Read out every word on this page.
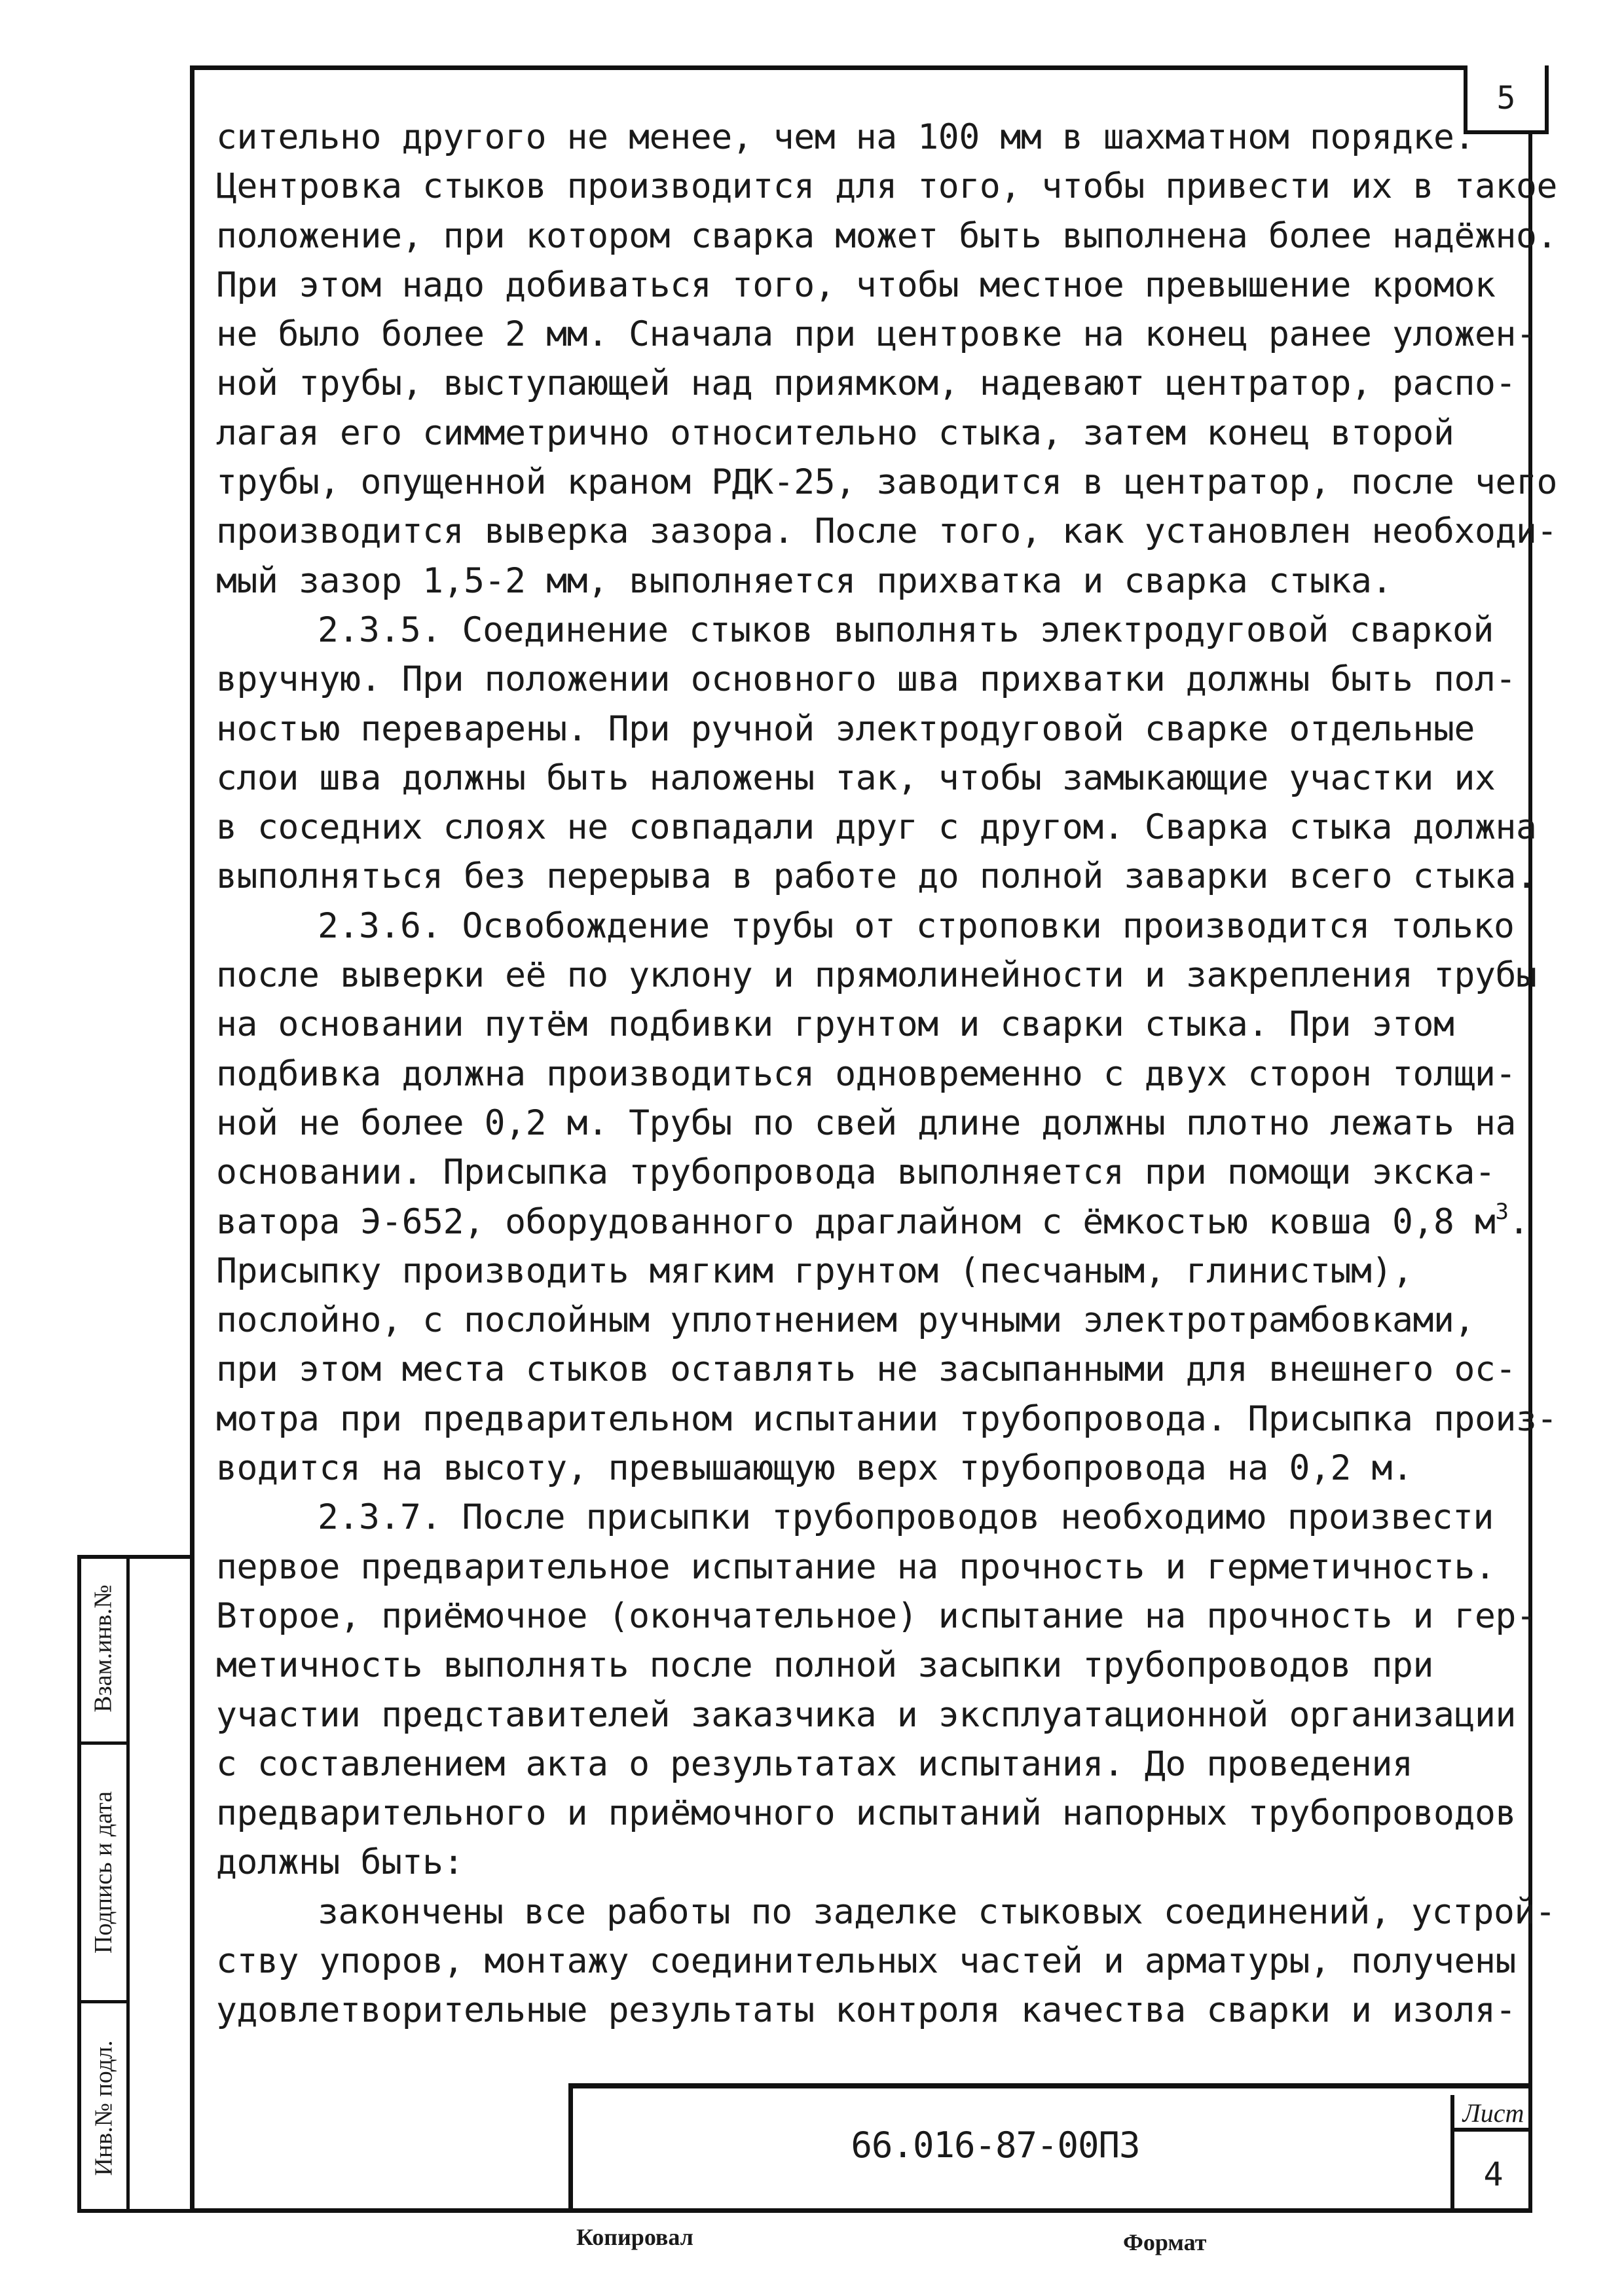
5
сительно другого не менее, чем на 100 мм в шахматном порядке.
Центровка стыков производится для того, чтобы привести их в такое
положение, при котором сварка может быть выполнена более надёжно.
При этом надо добиваться того, чтобы местное превышение кромок
не было более 2 мм. Сначала при центровке на конец ранее уложен-
ной трубы, выступающей над приямком, надевают центратор, распо-
лагая его симметрично относительно стыка, затем конец второй
трубы, опущенной краном РДК-25, заводится в центратор, после чего
производится выверка зазора. После того, как установлен необходи-
мый зазор 1,5-2 мм, выполняется прихватка и сварка стыка.
2.3.5. Соединение стыков выполнять электродуговой сваркой
вручную. При положении основного шва прихватки должны быть пол-
ностью переварены. При ручной электродуговой сварке отдельные
слои шва должны быть наложены так, чтобы замыкающие участки их
в соседних слоях не совпадали друг с другом. Сварка стыка должна
выполняться без перерыва в работе до полной заварки всего стыка.
2.3.6. Освобождение трубы от строповки производится только
после выверки её по уклону и прямолинейности и закрепления трубы
на основании путём подбивки грунтом и сварки стыка. При этом
подбивка должна производиться одновременно с двух сторон толщи-
ной не более 0,2 м. Трубы по свей длине должны плотно лежать на
основании. Присыпка трубопровода выполняется при помощи экска-
ватора Э-652, оборудованного драглайном с ёмкостью ковша 0,8 $м^3$.
Присыпку производить мягким грунтом (песчаным, глинистым),
послойно, с послойным уплотнением ручными электротрамбовками,
при этом места стыков оставлять не засыпанными для внешнего ос-
мотра при предварительном испытании трубопровода. Присыпка произ-
водится на высоту, превышающую верх трубопровода на 0,2 м.
2.3.7. После присыпки трубопроводов необходимо произвести
первое предварительное испытание на прочность и герметичность.
Второе, приёмочное (окончательное) испытание на прочность и гер-
метичность выполнять после полной засыпки трубопроводов при
участии представителей заказчика и эксплуатационной организации
с составлением акта о результатах испытания. До проведения
предварительного и приёмочного испытаний напорных трубопроводов
должны быть:
закончены все работы по заделке стыковых соединений, устрой-
ству упоров, монтажу соединительных частей и арматуры, получены
удовлетворительные результаты контроля качества сварки и изоля-
Взам.инв.№
Подпись и дата
Инв.№ подл.	66.016-87-00ПЗ
Лист
4
Копировал	Формат
